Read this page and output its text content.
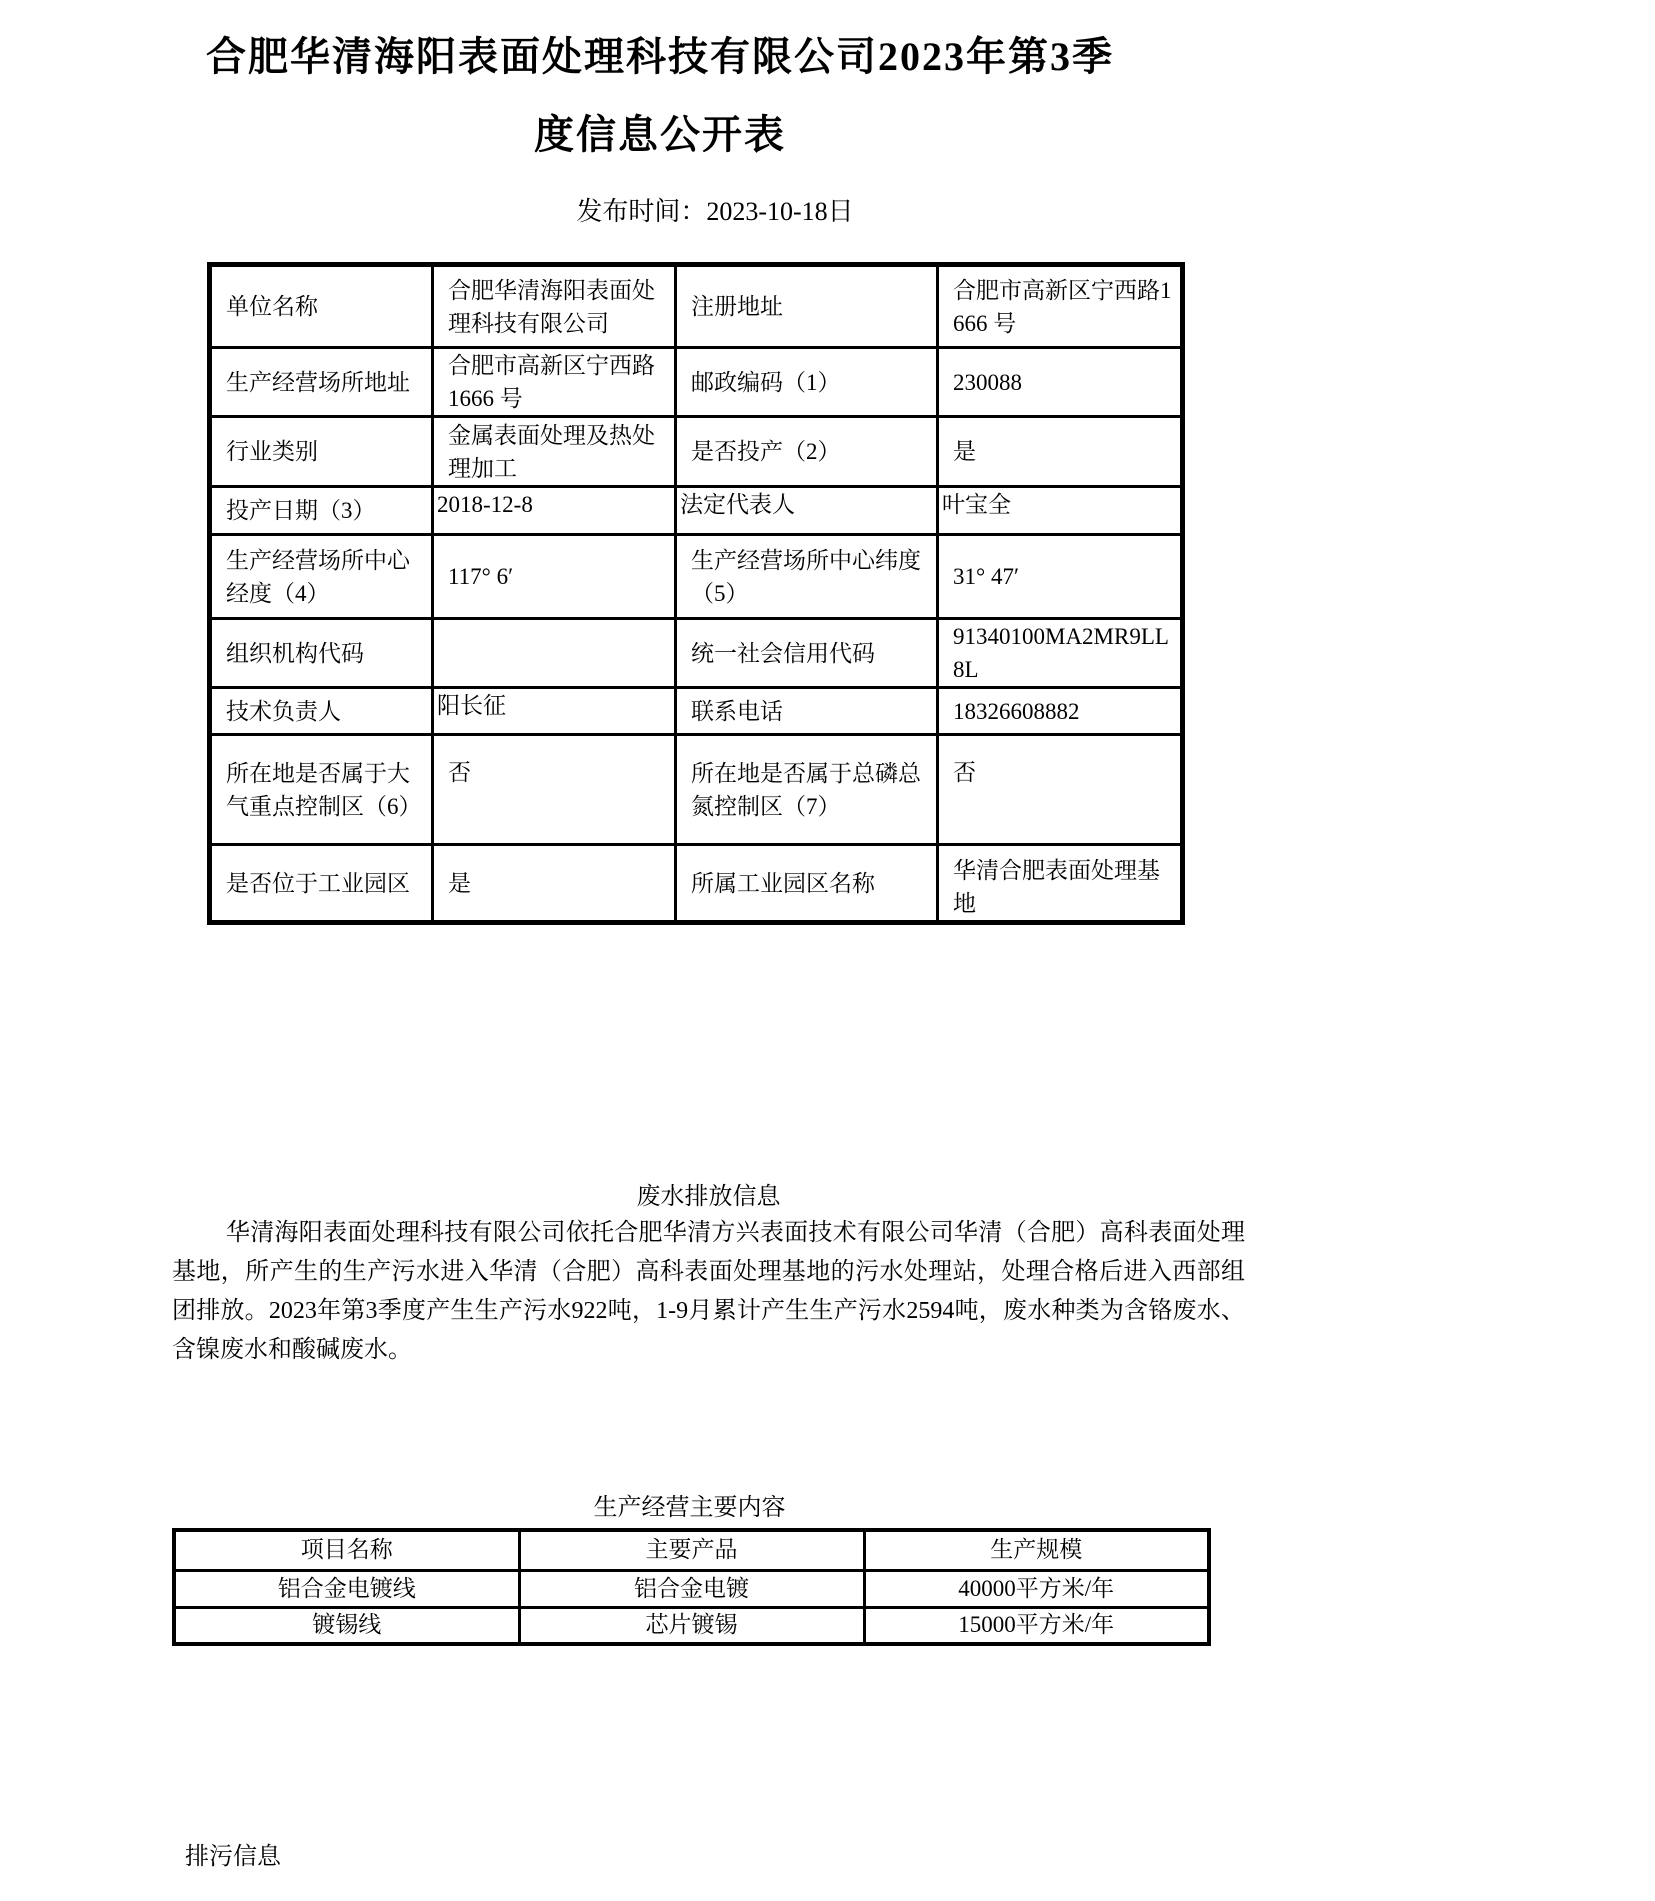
合肥华清海阳表面处理科技有限公司2023年第3季
度信息公开表
发布时间：2023-10-18日
单位名称	合肥华清海阳表面处理科技有限公司	注册地址	合肥市高新区宁西路1666 号
生产经营场所地址	合肥市高新区宁西路1666 号	邮政编码（1）	230088
行业类别	金属表面处理及热处理加工	是否投产（2）	是
投产日期（3）	2018-12-8	法定代表人	叶宝全
生产经营场所中心经度（4）	117° 6′	生产经营场所中心纬度（5）	31° 47′
组织机构代码		统一社会信用代码	91340100MA2MR9LL8L
技术负责人	阳长征	联系电话	18326608882
所在地是否属于大气重点控制区（6）	否	所在地是否属于总磷总氮控制区（7）	否
是否位于工业园区	是	所属工业园区名称	华清合肥表面处理基地
废水排放信息
华清海阳表面处理科技有限公司依托合肥华清方兴表面技术有限公司华清（合肥）高科表面处理基地，所产生的生产污水进入华清（合肥）高科表面处理基地的污水处理站，处理合格后进入西部组团排放。2023年第3季度产生生产污水922吨，1-9月累计产生生产污水2594吨，废水种类为含铬废水、含镍废水和酸碱废水。
生产经营主要内容
项目名称	主要产品	生产规模
铝合金电镀线	铝合金电镀	40000平方米/年
镀锡线	芯片镀锡	15000平方米/年
排污信息
